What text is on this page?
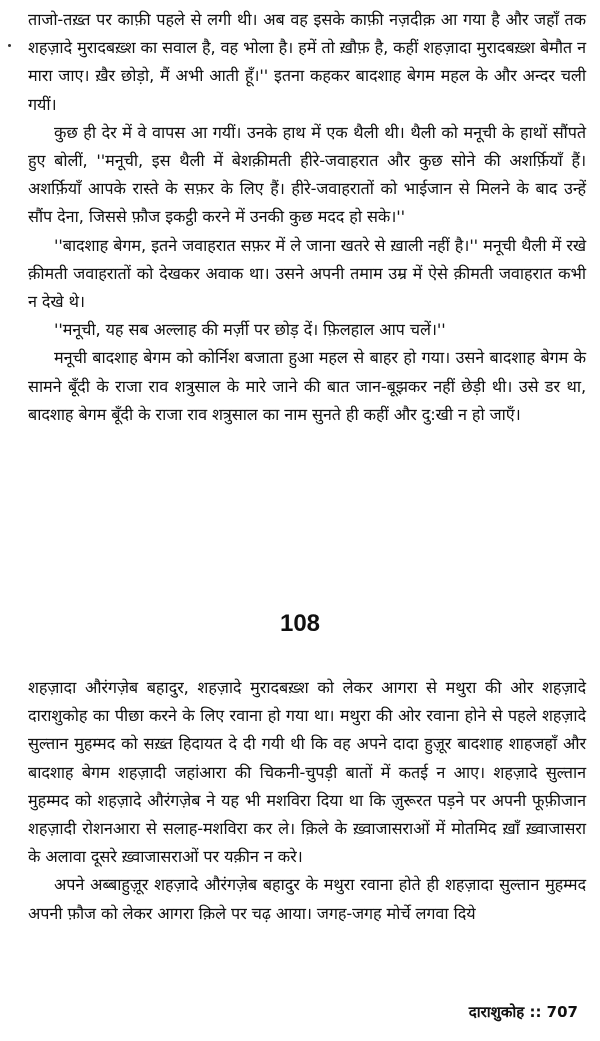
ताजो-तख़्त पर काफ़ी पहले से लगी थी। अब वह इसके काफ़ी नज़दीक़ आ गया है और जहाँ तक शहज़ादे मुरादबख़्श का सवाल है, वह भोला है। हमें तो ख़ौफ़ है, कहीं शहज़ादा मुरादबख़्श बेमौत न मारा जाए। ख़ैर छोड़ो, मैं अभी आती हूँ।'' इतना कहकर बादशाह बेगम महल के और अन्दर चली गयीं।

कुछ ही देर में वे वापस आ गयीं। उनके हाथ में एक थैली थी। थैली को मनूची के हाथों सौंपते हुए बोलीं, ''मनूची, इस थैली में बेशक़ीमती हीरे-जवाहरात और कुछ सोने की अशर्फ़ियाँ हैं। अशर्फ़ियाँ आपके रास्ते के सफ़र के लिए हैं। हीरे-जवाहरातों को भाईजान से मिलने के बाद उन्हें सौंप देना, जिससे फ़ौज इकट्ठी करने में उनकी कुछ मदद हो सके।''

''बादशाह बेगम, इतने जवाहरात सफ़र में ले जाना खतरे से ख़ाली नहीं है।'' मनूची थैली में रखे क़ीमती जवाहरातों को देखकर अवाक था। उसने अपनी तमाम उम्र में ऐसे क़ीमती जवाहरात कभी न देखे थे।

''मनूची, यह सब अल्लाह की मर्ज़ी पर छोड़ दें। फ़िलहाल आप चलें।''

मनूची बादशाह बेगम को कोर्निश बजाता हुआ महल से बाहर हो गया। उसने बादशाह बेगम के सामने बूँदी के राजा राव शत्रुसाल के मारे जाने की बात जान-बूझकर नहीं छेड़ी थी। उसे डर था, बादशाह बेगम बूँदी के राजा राव शत्रुसाल का नाम सुनते ही कहीं और दु:खी न हो जाएँ।

108

शहज़ादा औरंगज़ेब बहादुर, शहज़ादे मुरादबख़्श को लेकर आगरा से मथुरा की ओर शहज़ादे दाराशुकोह का पीछा करने के लिए रवाना हो गया था। मथुरा की ओर रवाना होने से पहले शहज़ादे सुल्तान मुहम्मद को सख़्त हिदायत दे दी गयी थी कि वह अपने दादा हुज़ूर बादशाह शाहजहाँ और बादशाह बेगम शहज़ादी जहांआरा की चिकनी-चुपड़ी बातों में कतई न आए। शहज़ादे सुल्तान मुहम्मद को शहज़ादे औरंगज़ेब ने यह भी मशविरा दिया था कि ज़ुरूरत पड़ने पर अपनी फूफ़ीजान शहज़ादी रोशनआरा से सलाह-मशविरा कर ले। क़िले के ख़्वाजासराओं में मोतमिद ख़ाँ ख़्वाजासरा के अलावा दूसरे ख़्वाजासराओं पर यक़ीन न करे।

अपने अब्बाहुज़ूर शहज़ादे औरंगज़ेब बहादुर के मथुरा रवाना होते ही शहज़ादा सुल्तान मुहम्मद अपनी फ़ौज को लेकर आगरा क़िले पर चढ़ आया। जगह-जगह मोर्चे लगवा दिये

दाराशुकोह :: 707
